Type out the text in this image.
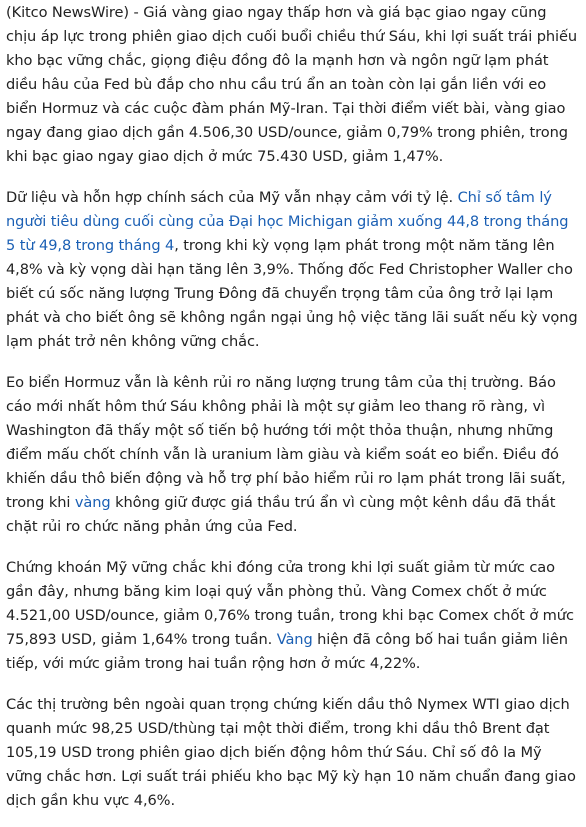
(Kitco NewsWire) - Giá vàng giao ngay thấp hơn và giá bạc giao ngay cũng chịu áp lực trong phiên giao dịch cuối buổi chiều thứ Sáu, khi lợi suất trái phiếu kho bạc vững chắc, giọng điệu đồng đô la mạnh hơn và ngôn ngữ lạm phát diều hâu của Fed bù đắp cho nhu cầu trú ẩn an toàn còn lại gắn liền với eo biển Hormuz và các cuộc đàm phán Mỹ-Iran. Tại thời điểm viết bài, vàng giao ngay đang giao dịch gần 4.506,30 USD/ounce, giảm 0,79% trong phiên, trong khi bạc giao ngay giao dịch ở mức 75.430 USD, giảm 1,47%.

Dữ liệu và hỗn hợp chính sách của Mỹ vẫn nhạy cảm với tỷ lệ. Chỉ số tâm lý người tiêu dùng cuối cùng của Đại học Michigan giảm xuống 44,8 trong tháng 5 từ 49,8 trong tháng 4, trong khi kỳ vọng lạm phát trong một năm tăng lên 4,8% và kỳ vọng dài hạn tăng lên 3,9%. Thống đốc Fed Christopher Waller cho biết cú sốc năng lượng Trung Đông đã chuyển trọng tâm của ông trở lại lạm phát và cho biết ông sẽ không ngần ngại ủng hộ việc tăng lãi suất nếu kỳ vọng lạm phát trở nên không vững chắc.

Eo biển Hormuz vẫn là kênh rủi ro năng lượng trung tâm của thị trường. Báo cáo mới nhất hôm thứ Sáu không phải là một sự giảm leo thang rõ ràng, vì Washington đã thấy một số tiến bộ hướng tới một thỏa thuận, nhưng những điểm mấu chốt chính vẫn là uranium làm giàu và kiểm soát eo biển. Điều đó khiến dầu thô biến động và hỗ trợ phí bảo hiểm rủi ro lạm phát trong lãi suất, trong khi vàng không giữ được giá thầu trú ẩn vì cùng một kênh dầu đã thắt chặt rủi ro chức năng phản ứng của Fed.

Chứng khoán Mỹ vững chắc khi đóng cửa trong khi lợi suất giảm từ mức cao gần đây, nhưng băng kim loại quý vẫn phòng thủ. Vàng Comex chốt ở mức 4.521,00 USD/ounce, giảm 0,76% trong tuần, trong khi bạc Comex chốt ở mức 75,893 USD, giảm 1,64% trong tuần. Vàng hiện đã công bố hai tuần giảm liên tiếp, với mức giảm trong hai tuần rộng hơn ở mức 4,22%.

Các thị trường bên ngoài quan trọng chứng kiến dầu thô Nymex WTI giao dịch quanh mức 98,25 USD/thùng tại một thời điểm, trong khi dầu thô Brent đạt 105,19 USD trong phiên giao dịch biến động hôm thứ Sáu. Chỉ số đô la Mỹ vững chắc hơn. Lợi suất trái phiếu kho bạc Mỹ kỳ hạn 10 năm chuẩn đang giao dịch gần khu vực 4,6%.
